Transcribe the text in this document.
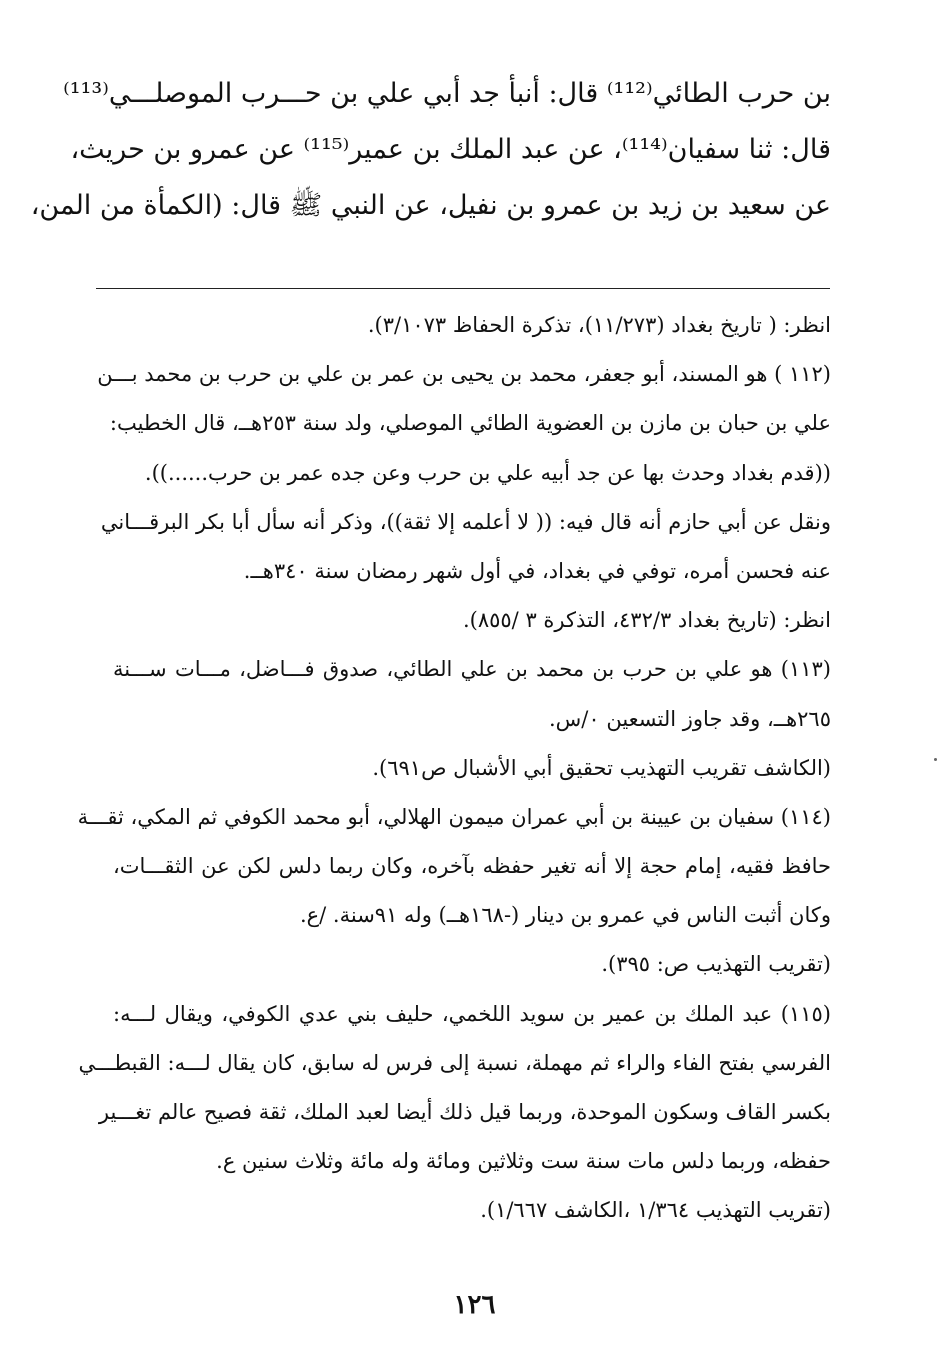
بن حرب الطائي⁽¹¹²⁾ قال: أنبأ جد أبي علي بن حـــرب الموصلـــي⁽¹¹³⁾
قال: ثنا سفيان⁽¹¹⁴⁾، عن عبد الملك بن عمير⁽¹¹⁵⁾ عن عمرو بن حريث،
عن سعيد بن زيد بن عمرو بن نفيل، عن النبي ﷺ قال: (الكمأة من المن،
انظر: ( تاريخ بغداد (١١/٢٧٣)، تذكرة الحفاظ ٣/١٠٧٣).
(١١٢ ) هو المسند، أبو جعفر، محمد بن يحيى بن عمر بن علي بن حرب بن محمد بـــن
علي بن حبان بن مازن بن العضوية الطائي الموصلي، ولد سنة ٢٥٣هــ، قال الخطيب:
((قدم بغداد وحدث بها عن جد أبيه علي بن حرب وعن جده عمر بن حرب......)).
ونقل عن أبي حازم أنه قال فيه: (( لا أعلمه إلا ثقة))، وذكر أنه سأل أبا بكر البرقـــاني
عنه فحسن أمره، توفي في بغداد، في أول شهر رمضان سنة ٣٤٠هــ.
انظر: (تاريخ بغداد ٤٣٢/٣، التذكرة ٣ /٨٥٥).
(١١٣) هو علي بن حرب بن محمد بن علي الطائي، صدوق فـــاضل، مـــات ســـنة
٢٦٥هــ، وقد جاوز التسعين ٠/س.
(الكاشف تقريب التهذيب تحقيق أبي الأشبال ص٦٩١).
(١١٤) سفيان بن عيينة بن أبي عمران ميمون الهلالي، أبو محمد الكوفي ثم المكي، ثقـــة
حافظ فقيه، إمام حجة إلا أنه تغير حفظه بآخره، وكان ربما دلس لكن عن الثقـــات،
وكان أثبت الناس في عمرو بن دينار (-١٦٨هــ) وله ٩١سنة. /ع.
(تقريب التهذيب ص: ٣٩٥).
(١١٥) عبد الملك بن عمير بن سويد اللخمي، حليف بني عدي الكوفي، ويقال لـــه:
الفرسي بفتح الفاء والراء ثم مهملة، نسبة إلى فرس له سابق، كان يقال لـــه: القبطـــي
بكسر القاف وسكون الموحدة، وربما قيل ذلك أيضا لعبد الملك، ثقة فصيح عالم تغـــير
حفظه، وربما دلس مات سنة ست وثلاثين ومائة وله مائة وثلاث سنين ع.
(تقريب التهذيب ١/٣٦٤ ،الكاشف ١/٦٦٧).
١٢٦
